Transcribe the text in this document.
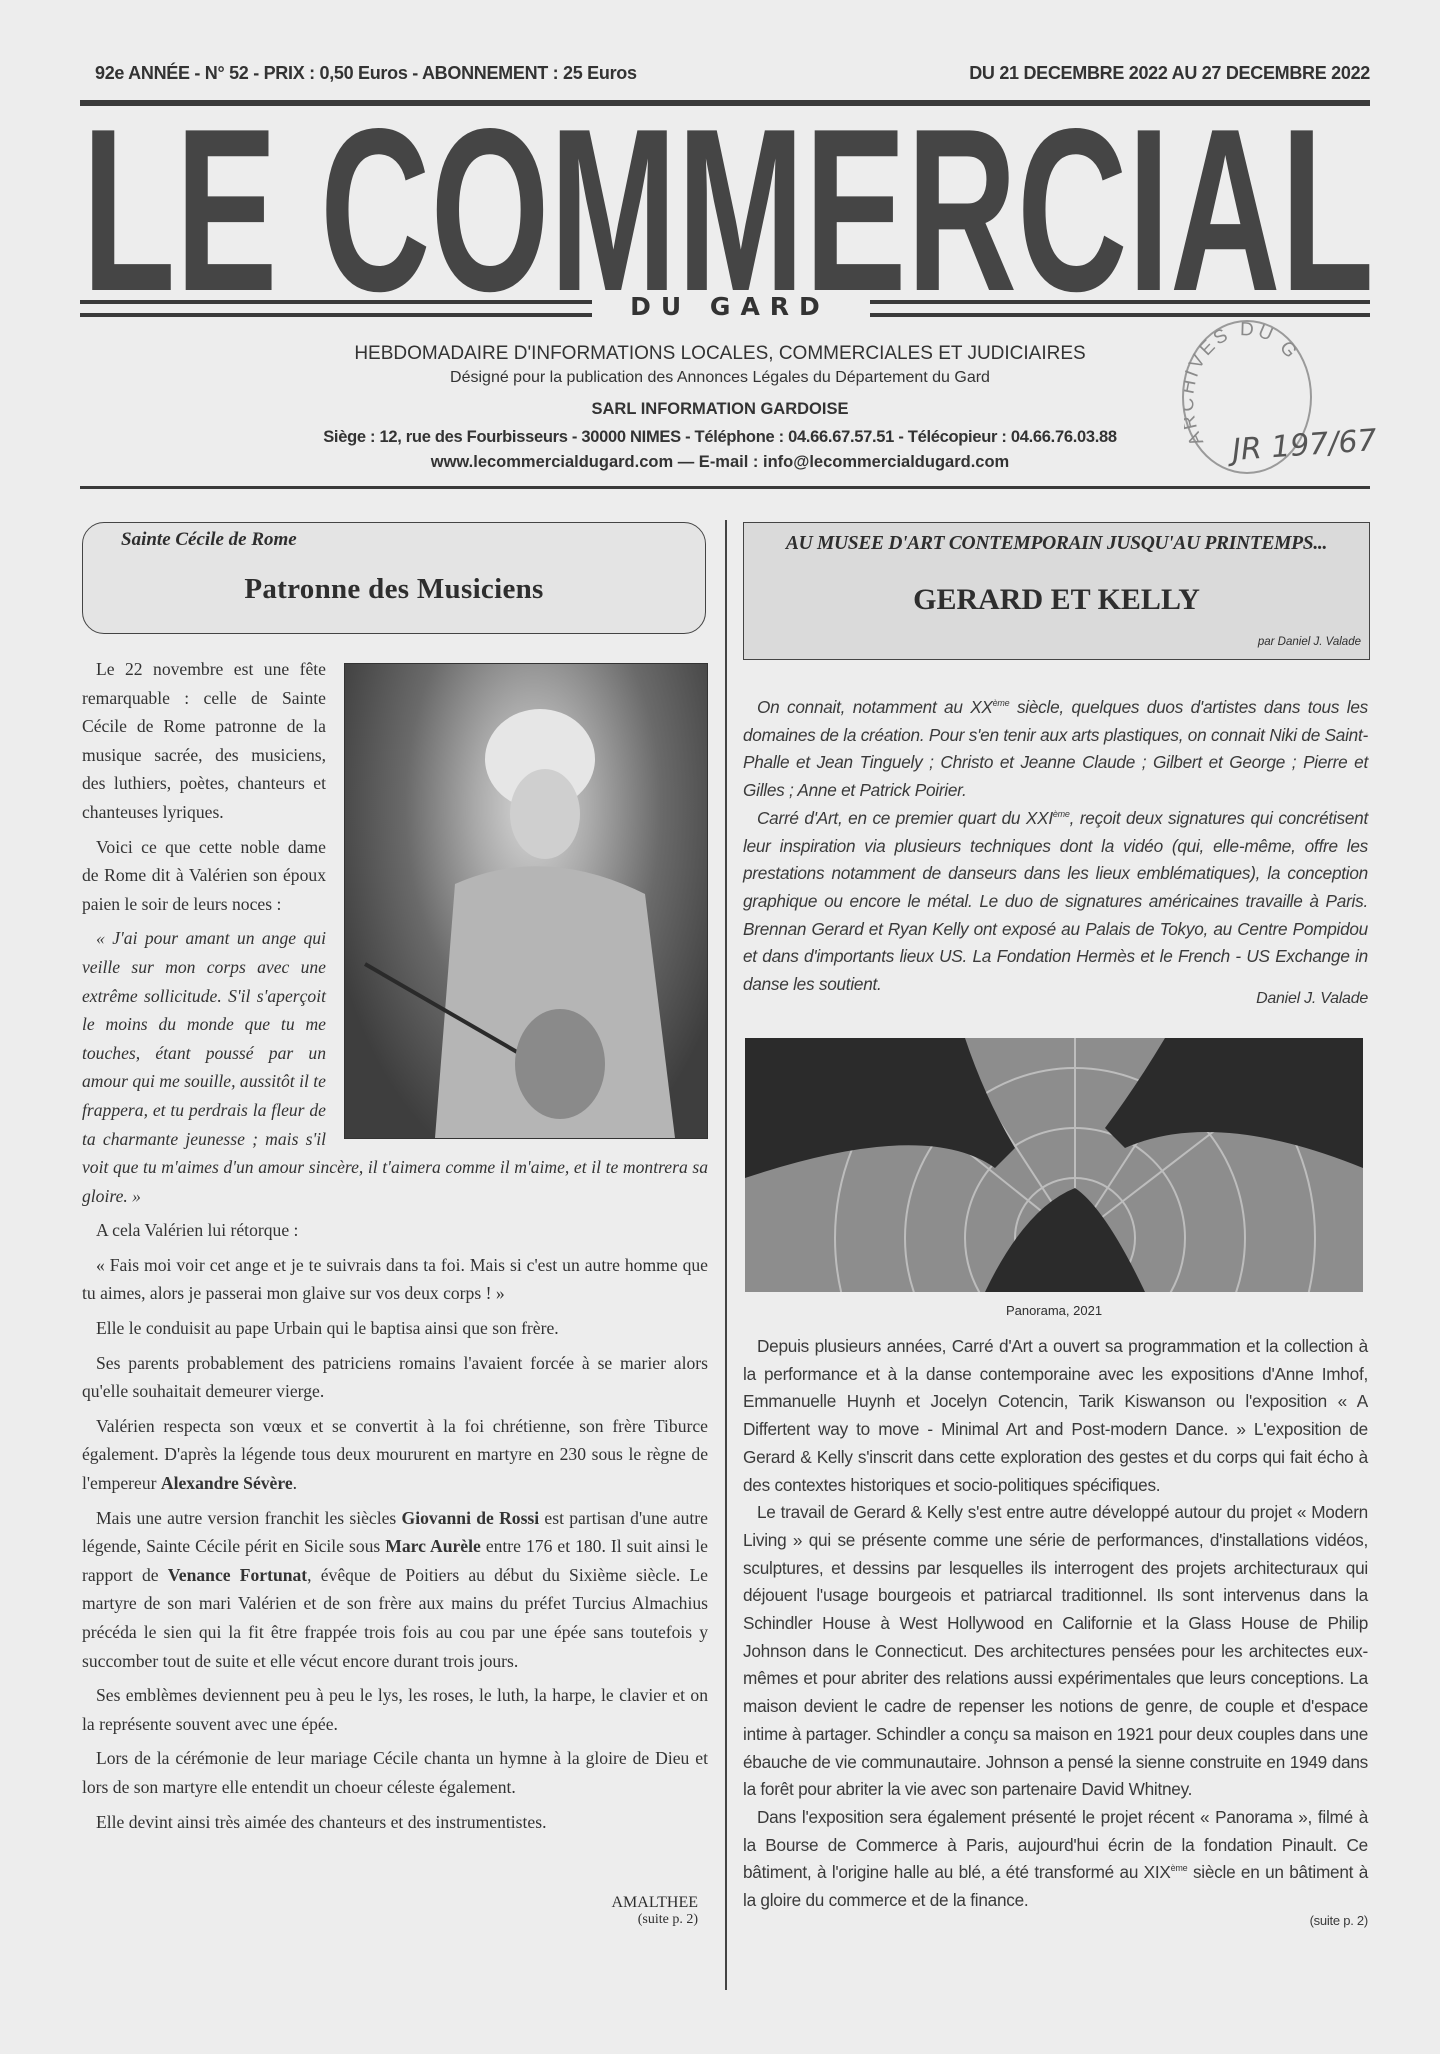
92e ANNÉE - N° 52 - PRIX : 0,50 Euros - ABONNEMENT : 25 Euros	DU 21 DECEMBRE 2022 AU 27 DECEMBRE 2022
LE COMMERCIAL
DU GARD
HEBDOMADAIRE D'INFORMATIONS LOCALES, COMMERCIALES ET JUDICIAIRES
Désigné pour la publication des Annonces Légales du Département du Gard
SARL INFORMATION GARDOISE
Siège : 12, rue des Fourbisseurs - 30000 NIMES - Téléphone : 04.66.67.57.51 - Télécopieur : 04.66.76.03.88
www.lecommercialdugard.com — E-mail : info@lecommercialdugard.com
A VES DU G
JR 197/67
Sainte Cécile de Rome
Patronne des Musiciens

Le 22 novembre est une fête remarquable : celle de Sainte Cécile de Rome patronne de la musique sacrée, des musiciens, des luthiers, poètes, chanteurs et chanteuses lyriques.

Voici ce que cette noble dame de Rome dit à Valérien son époux paien le soir de leurs noces :

« J'ai pour amant un ange qui veille sur mon corps avec une extrême sollicitude. S'il s'aperçoit le moins du monde que tu me touches, étant poussé par un amour qui me souille, aussitôt il te frappera, et tu perdrais la fleur de ta charmante jeunesse ; mais s'il voit que tu m'aimes d'un amour sincère, il t'aimera comme il m'aime, et il te montrera sa gloire. »

A cela Valérien lui rétorque :

« Fais moi voir cet ange et je te suivrais dans ta foi. Mais si c'est un autre homme que tu aimes, alors je passerai mon glaive sur vos deux corps ! »

Elle le conduisit au pape Urbain qui le baptisa ainsi que son frère.

Ses parents probablement des patriciens romains l'avaient forcée à se marier alors qu'elle souhaitait demeurer vierge.

Valérien respecta son vœux et se convertit à la foi chrétienne, son frère Tiburce également. D'après la légende tous deux moururent en martyre en 230 sous le règne de l'empereur Alexandre Sévère.

Mais une autre version franchit les siècles Giovanni de Rossi est partisan d'une autre légende, Sainte Cécile périt en Sicile sous Marc Aurèle entre 176 et 180. Il suit ainsi le rapport de Venance Fortunat, évêque de Poitiers au début du Sixième siècle. Le martyre de son mari Valérien et de son frère aux mains du préfet Turcius Almachius précéda le sien qui la fit être frappée trois fois au cou par une épée sans toutefois y succomber tout de suite et elle vécut encore durant trois jours.

Ses emblèmes deviennent peu à peu le lys, les roses, le luth, la harpe, le clavier et on la représente souvent avec une épée.

Lors de la cérémonie de leur mariage Cécile chanta un hymne à la gloire de Dieu et lors de son martyre elle entendit un choeur céleste également.

Elle devint ainsi très aimée des chanteurs et des instrumentistes.

AMALTHEE
(suite p. 2)
AU MUSEE D'ART CONTEMPORAIN JUSQU'AU PRINTEMPS...
GERARD ET KELLY
par Daniel J. Valade

On connait, notamment au XXème siècle, quelques duos d'artistes dans tous les domaines de la création. Pour s'en tenir aux arts plastiques, on connait Niki de Saint-Phalle et Jean Tinguely ; Christo et Jeanne Claude ; Gilbert et George ; Pierre et Gilles ; Anne et Patrick Poirier.

Carré d'Art, en ce premier quart du XXIème, reçoit deux signatures qui concrétisent leur inspiration via plusieurs techniques dont la vidéo (qui, elle-même, offre les prestations notamment de danseurs dans les lieux emblématiques), la conception graphique ou encore le métal. Le duo de signatures américaines travaille à Paris. Brennan Gerard et Ryan Kelly ont exposé au Palais de Tokyo, au Centre Pompidou et dans d'importants lieux US. La Fondation Hermès et le French - US Exchange in danse les soutient.

Daniel J. Valade
Panorama, 2021

Depuis plusieurs années, Carré d'Art a ouvert sa programmation et la collection à la performance et à la danse contemporaine avec les expositions d'Anne Imhof, Emmanuelle Huynh et Jocelyn Cotencin, Tarik Kiswanson ou l'exposition « A Differtent way to move - Minimal Art and Post-modern Dance. » L'exposition de Gerard & Kelly s'inscrit dans cette exploration des gestes et du corps qui fait écho à des contextes historiques et socio-politiques spécifiques.

Le travail de Gerard & Kelly s'est entre autre développé autour du projet « Modern Living » qui se présente comme une série de performances, d'installations vidéos, sculptures, et dessins par lesquelles ils interrogent des projets architecturaux qui déjouent l'usage bourgeois et patriarcal traditionnel. Ils sont intervenus dans la Schindler House à West Hollywood en Californie et la Glass House de Philip Johnson dans le Connecticut. Des architectures pensées pour les architectes eux-mêmes et pour abriter des relations aussi expérimentales que leurs conceptions. La maison devient le cadre de repenser les notions de genre, de couple et d'espace intime à partager. Schindler a conçu sa maison en 1921 pour deux couples dans une ébauche de vie communautaire. Johnson a pensé la sienne construite en 1949 dans la forêt pour abriter la vie avec son partenaire David Whitney.

Dans l'exposition sera également présenté le projet récent « Panorama », filmé à la Bourse de Commerce à Paris, aujourd'hui écrin de la fondation Pinault. Ce bâtiment, à l'origine halle au blé, a été transformé au XIXème siècle en un bâtiment à la gloire du commerce et de la finance.

(suite p. 2)
